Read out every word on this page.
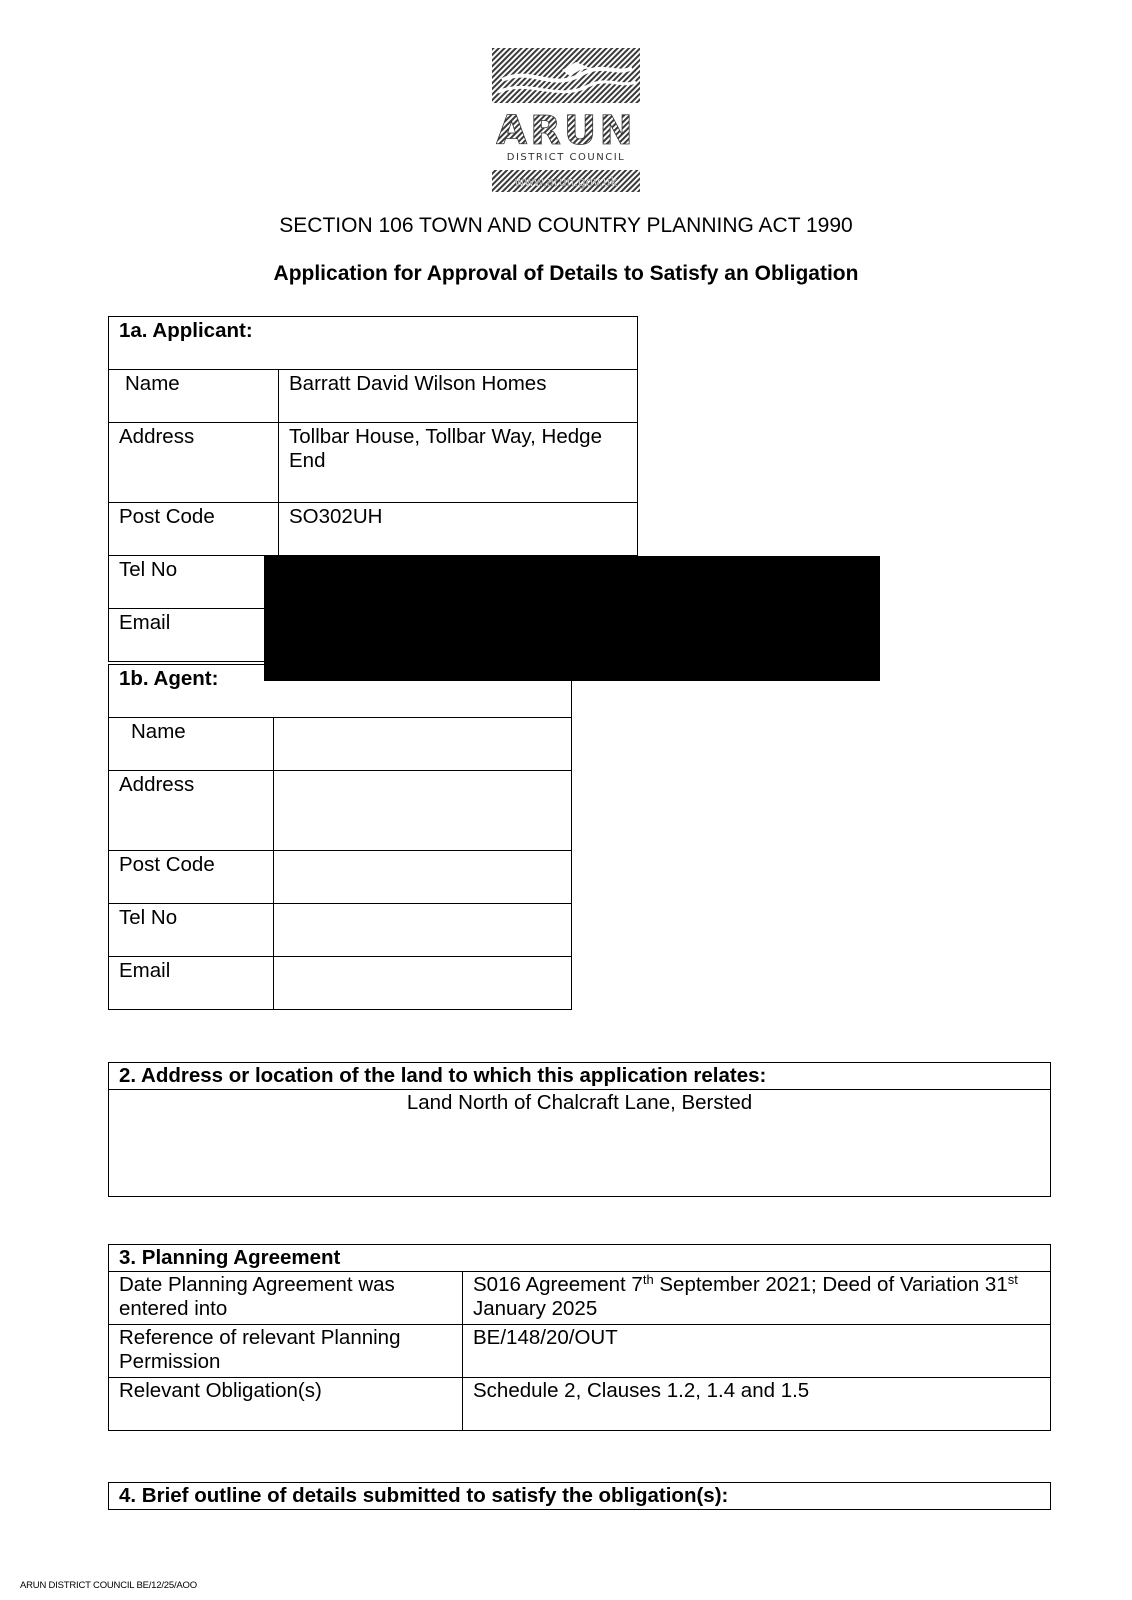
ARUN
DISTRICT COUNCIL
www.arun.gov.uk
SECTION 106 TOWN AND COUNTRY PLANNING ACT 1990
Application for Approval of Details to Satisfy an Obligation
1a. Applicant:	
Name	Barratt David Wilson Homes
Address	Tollbar House, Tollbar Way, Hedge End
Post Code	SO302UH
Tel No	
Email	
1b. Agent:	
Name	
Address	
Post Code	
Tel No	
Email	
2. Address or location of the land to which this application relates:
Land North of Chalcraft Lane, Bersted
3. Planning Agreement	
Date Planning Agreement was entered into	S016 Agreement 7th September 2021; Deed of Variation 31st January 2025
Reference of relevant Planning Permission	BE/148/20/OUT
Relevant Obligation(s)	Schedule 2, Clauses 1.2, 1.4 and 1.5
4. Brief outline of details submitted to satisfy the obligation(s):
ARUN DISTRICT COUNCIL BE/12/25/AOO
